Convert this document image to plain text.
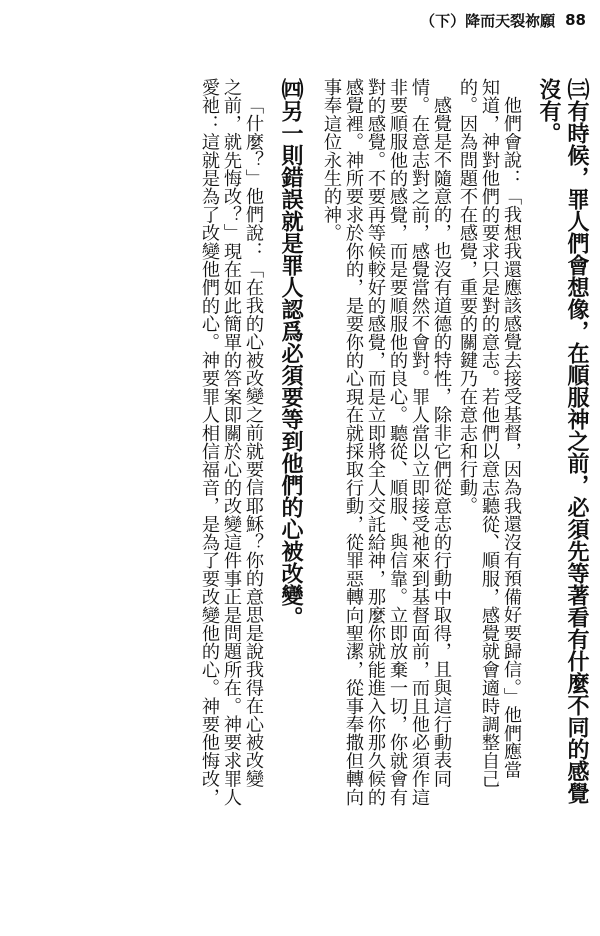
（下）降而天裂祢願 88

㈢有時候，罪人們會想像，在順服神之前，必須先等著看有什麼不同的感覺

沒有。

他們會說：「我想我還應該感覺去接受基督，因為我還沒有預備好要歸信。」他們應當

知道，神對他們的要求只是對的意志。若他們以意志聽從、順服，感覺就會適時調整自己

的。因為問題不在感覺，重要的關鍵乃在意志和行動。

感覺是不隨意的，也沒有道德的特性，除非它們從意志的行動中取得，且與這行動表同

情。在意志對之前，感覺當然不會對。罪人當以立即接受祂來到基督面前，而且他必須作這

非要順服他的感覺，而是要順服他的良心。聽從、順服、與信靠。立即放棄一切，你就會有

對的感覺。不要再等候較好的感覺，而是立即將全人交託給神，那麼你就能進入你那久候的

感覺裡。神所要求於你的，是要你的心現在就採取行動，從罪惡轉向聖潔，從事奉撒但轉向

事奉這位永生的神。

㈣另一則錯誤就是罪人認爲必須要等到他們的心被改變。

「什麼？」他們說：「在我的心被改變之前就要信耶穌？你的意思是說我得在心被改變

之前，就先悔改？」現在如此簡單的答案即關於心的改變這件事正是問題所在。神要求罪人

愛祂：這就是為了改變他們的心。神要罪人相信福音，是為了要改變他的心。神要他悔改，
